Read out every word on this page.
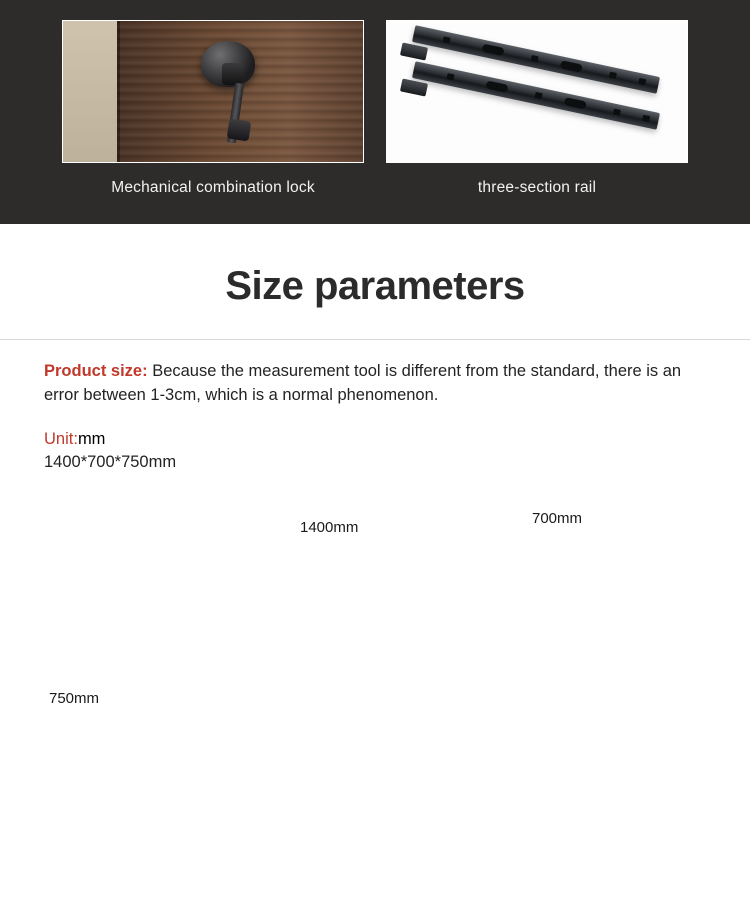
Mechanical combination lock	three-section rail
Size parameters
Product size: Because the measurement tool is different from the standard, there is an error between 1-3cm, which is a normal phenomenon.
Unit:mm
1400*700*750mm
1400mm
700mm
750mm
